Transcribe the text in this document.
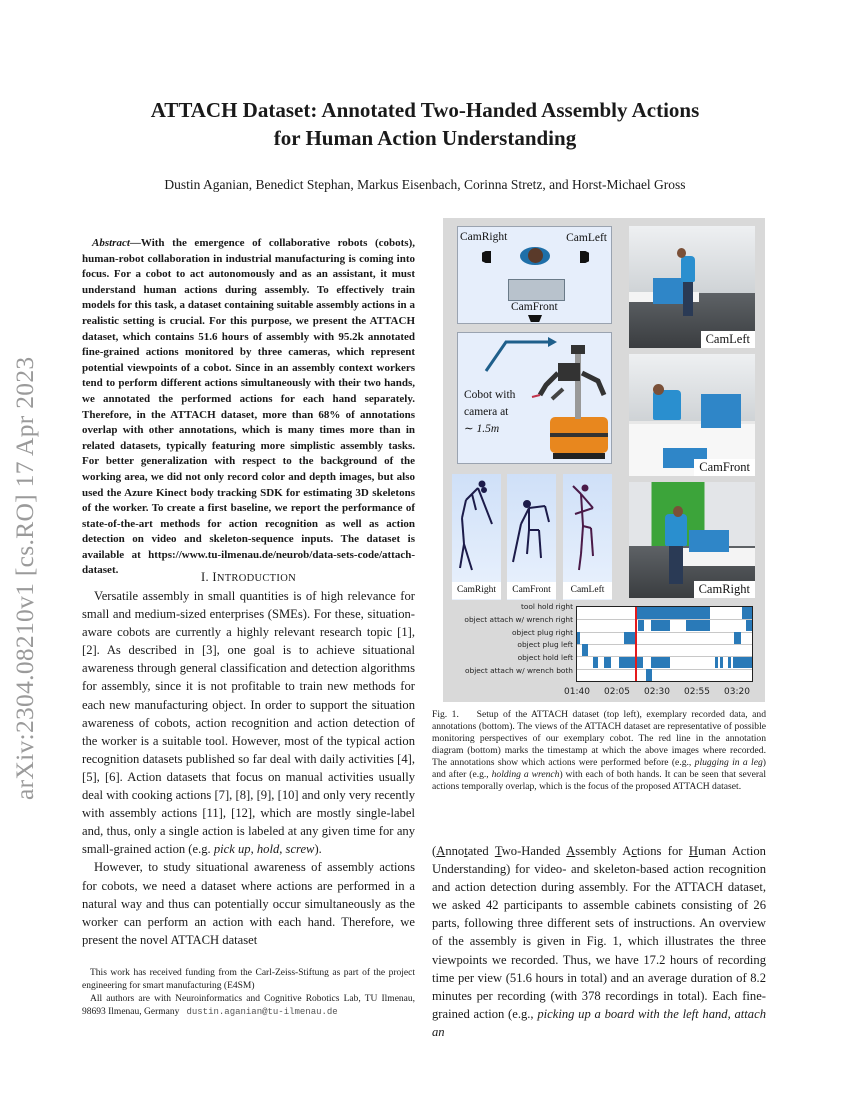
arXiv:2304.08210v1 [cs.RO] 17 Apr 2023
ATTACH Dataset: Annotated Two-Handed Assembly Actions
for Human Action Understanding
Dustin Aganian, Benedict Stephan, Markus Eisenbach, Corinna Stretz, and Horst-Michael Gross

Abstract—With the emergence of collaborative robots (cobots), human-robot collaboration in industrial manufacturing is coming into focus. For a cobot to act autonomously and as an assistant, it must understand human actions during assembly. To effectively train models for this task, a dataset containing suitable assembly actions in a realistic setting is crucial. For this purpose, we present the ATTACH dataset, which contains 51.6 hours of assembly with 95.2k annotated fine-grained actions monitored by three cameras, which represent potential viewpoints of a cobot. Since in an assembly context workers tend to perform different actions simultaneously with their two hands, we annotated the performed actions for each hand separately. Therefore, in the ATTACH dataset, more than 68% of annotations overlap with other annotations, which is many times more than in related datasets, typically featuring more simplistic assembly tasks. For better generalization with respect to the background of the working area, we did not only record color and depth images, but also used the Azure Kinect body tracking SDK for estimating 3D skeletons of the worker. To create a first baseline, we report the performance of state-of-the-art methods for action recognition as well as action detection on video and skeleton-sequence inputs. The dataset is available at https://www.tu-ilmenau.de/neurob/data-sets-code/attach-dataset.	I. INTRODUCTION

Versatile assembly in small quantities is of high relevance for small and medium-sized enterprises (SMEs). For these, situation-aware cobots are currently a highly relevant research topic [1], [2]. As described in [3], one goal is to achieve situational awareness through general classification and detection algorithms for assembly, since it is not profitable to train new methods for each new manufacturing object. In order to support the situation awareness of cobots, action recognition and action detection of the worker is a suitable tool. However, most of the typical action recognition datasets published so far deal with daily activities [4], [5], [6]. Action datasets that focus on manual activities usually deal with cooking actions [7], [8], [9], [10] and only very recently with assembly actions [11], [12], which are mostly single-label and, thus, only a single action is labeled at any given time for any small-grained action (e.g. pick up, hold, screw).

However, to study situational awareness of assembly actions for cobots, we need a dataset where actions are performed in a natural way and thus can potentially occur simultaneously as the worker can perform an action with each hand. Therefore, we present the novel ATTACH dataset

This work has received funding from the Carl-Zeiss-Stiftung as part of the project engineering for smart manufacturing (E4SM)

All authors are with Neuroinformatics and Cognitive Robotics Lab, TU Ilmenau, 98693 Ilmenau, Germany dustin.aganian@tu-ilmenau.de

CamRight	CamLeft
CamFront
Cobot with
camera at
∼ 1.5m
CamLeft
CamFront
CamRight
CamRight	CamFront	CamLeft
tool hold right
object attach w/ wrench right
object plug right
object plug left
object hold left
object attach w/ wrench both
01:40 02:05 02:30 02:55 03:20

Fig. 1. Setup of the ATTACH dataset (top left), exemplary recorded data, and annotations (bottom). The views of the ATTACH dataset are representative of possible monitoring perspectives of our exemplary cobot. The red line in the annotation diagram (bottom) marks the timestamp at which the above images where recorded. The annotations show which actions were performed before (e.g., plugging in a leg) and after (e.g., holding a wrench) with each of both hands. It can be seen that several actions temporally overlap, which is the focus of the proposed ATTACH dataset.

(Annotated Two-Handed Assembly Actions for Human Action Understanding) for video- and skeleton-based action recognition and action detection during assembly. For the ATTACH dataset, we asked 42 participants to assemble cabinets consisting of 26 parts, following three different sets of instructions. An overview of the assembly is given in Fig. 1, which illustrates the three viewpoints we recorded. Thus, we have 17.2 hours of recording time per view (51.6 hours in total) and an average duration of 8.2 minutes per recording (with 378 recordings in total). Each fine-grained action (e.g., picking up a board with the left hand, attach an
